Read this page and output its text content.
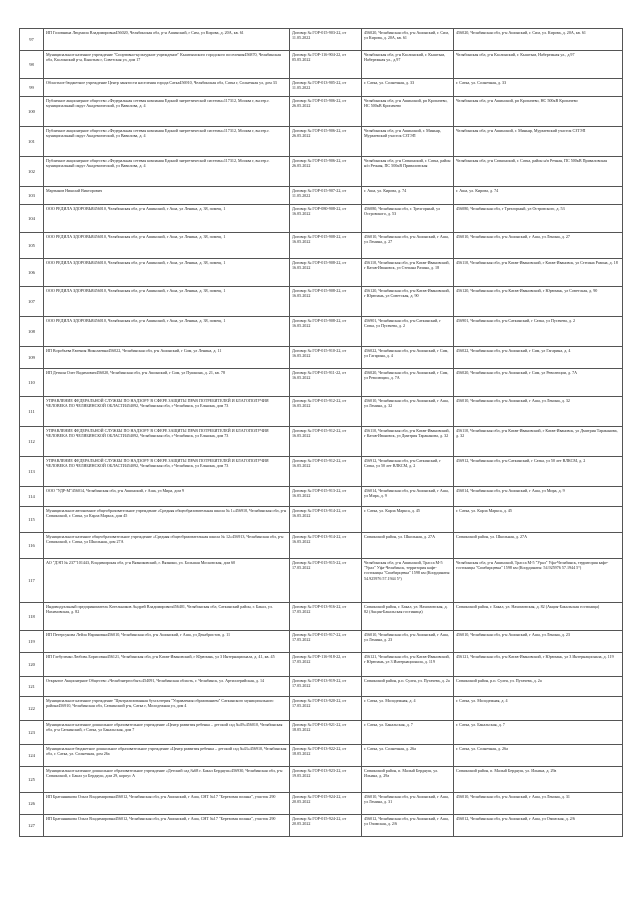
97	ИП Головнина Людмила Владимировна456020, Челябинская обл, р-н Ашинский, г Сим, ул Кирова, д. 20А, кв. 61	Договор № ГОР-015-903-22, от 11.05.2022	456020, Челябинская обл, р-н Ашинский, г. Сим, ул Кирова, д. 20А, кв. 61	456020, Челябинская обл, р-н Ашинский, г. Сим, ул. Кирова, д. 20А, кв. 61
98	Муниципальное казенное учреждение "Спортивно-культурное учреждение" Кыштымского городского поселения456870, Челябинская обл, Каслинский р-н, Кыштым г, Советская ул, дом 17	Договор № ГОР-116-904-22, от 05.05.2022	Челябинская обл, р-н Каслинский, г. Кыштым, Набережная ул., д.97	Челябинская обл, р-н Каслинский, г. Кыштым, Набережная ул., д.97
99	Областное бюджетное учреждение Центр занятости населения города Сатка456910, Челябинская обл, Сатка г, Солнечная ул, дом 33	Договор № ГОР-013-905-22, от 11.05.2022	г. Сатка, ул. Солнечная, д. 33	г. Сатка, ул. Солнечная, д. 33
100	Публичное акционерное общество «Федеральная сетевая компания Единой энергетической системы»117312, Москва г, вн.тер.г. муниципальный округ Академический, ул Вавилова, д. 4	Договор № ГОР-015-906-22, от 26.05.2022	Челябинская обл, р-н Ашинский, рп Кропачево, НС 500кВ Кропачево	Челябинская обл, р-н Ашинский, рп Кропачево, НС 500кВ Кропачево
101	Публичное акционерное общество «Федеральная сетевая компания Единой энергетической системы»117312, Москва г, вн.тер.г. муниципальный округ Академический, ул Вавилова, д. 4	Договор № ГОР-015-906-22, от 26.05.2022	Челябинская обл, р-н Ашинский, г. Миньяр, Мурзаевский участок СЗТЭП	Челябинская обл, р-н Ашинский, г. Миньяр, Мурзаевский участок СЗТЭП
102	Публичное акционерное общество «Федеральная сетевая компания Единой энергетической системы»117312, Москва г, вн.тер.г. муниципальный округ Академический, ул Вавилова, д. 4	Договор № ГОР-015-906-22, от 26.05.2022	Челябинская обл, р-н Саткинский, г. Сатка, район н/п Речная, ПС 500кВ Приваловская	Челябинская обл, р-н Саткинский, г. Сатка, район н/п Речная, ПС 500кВ Приваловская
103	Мартынов Николай Викторович	Договор № ГОР-015-907-22, от 11.05.2022	г. Аша, ул. Кирова, д. 74	г. Аша, ул. Кирова, д. 74
104	ООО РЕДИЛА ЗДОРОВЬЯ456010, Челябинская обл, р-н Ашинский, г Аша, ул Ленина, д. 38, помещ. 1	Договор № ГОР-080-908-22, от 16.05.2022	456080, Челябинская обл, г. Трехгорный, ул Островского, д. 53	456080, Челябинская обл, г Трехгорный, ул Островского, д. 53
105	ООО РЕДИЛА ЗДОРОВЬЯ456010, Челябинская обл, р-н Ашинский, г Аша, ул Ленина, д. 38, помещ. 1	Договор № ГОР-015-908-22, от 16.05.2022	456010, Челябинская обл, р-н Ашинский, г Аша, ул Ленина, д. 27	456010, Челябинская обл, р-н Ашинский, г Аша, ул Ленина, д. 27
106	ООО РЕДИЛА ЗДОРОВЬЯ456010, Челябинская обл, р-н Ашинский, г Аша, ул Ленина, д. 38, помещ. 1	Договор № ГОР-015-908-22, от 16.05.2022	456110, Челябинская обл, р-н Катав-Ивановский, г Катав-Ивановск, ул Степана Разина, д. 18	456110, Челябинская обл, р-н Катав-Ивановский, г Катав-Ивановск, ул Степана Разина, д. 18
107	ООО РЕДИЛА ЗДОРОВЬЯ456010, Челябинская обл, р-н Ашинский, г Аша, ул Ленина, д. 38, помещ. 1	Договор № ГОР-015-908-22, от 16.05.2022	456120, Челябинская обл, р-н Катав-Ивановский, г Юрюзань, ул Советская, д. 90	456120, Челябинская обл, р-н Катав-Ивановский, г Юрюзань, ул Советская, д. 90
108	ООО РЕДИЛА ЗДОРОВЬЯ456010, Челябинская обл, р-н Ашинский, г Аша, ул Ленина, д. 38, помещ. 1	Договор № ГОР-015-908-22, от 16.05.2022	456901, Челябинская обл, р-н Саткинский, г Сатка, ул Пугачева, д. 2	456901, Челябинская обл, р-н Саткинский, г Сатка, ул Пугачева, д. 2
109	ИП Воробьева Евгения Николаевна456022, Челябинская обл, р-н Ашинский, г Сим, ул Ленина, д. 11	Договор № ГОР-015-910-22, от 16.05.2022	456022, Челябинская обл, р-н Ашинский, г Сим, ул Гагарина, д. 4	456022, Челябинская обл, р-н Ашинский, г Сим, ул Гагарина, д. 4
110	ИП Деткин Олег Вадимович456020, Челябинская обл, р-н Ашинский, г Сим, ул Пушкина, д. 21, кв. 78	Договор № ГОР-015-911-22, от 16.05.2022	456020, Челябинская обл, р-н Ашинский, г Сим, ул Революции, д. 7А	456020, Челябинская обл, р-н Ашинский, г Сим, ул Революции, д. 7А
111	УПРАВЛЕНИЕ ФЕДЕРАЛЬНОЙ СЛУЖБЫ ПО НАДЗОРУ В СФЕРЕ ЗАЩИТЫ ПРАВ ПОТРЕБИТЕЛЕЙ И БЛАГОПОЛУЧИЯ ЧЕЛОВЕКА ПО ЧЕЛЯБИНСКОЙ ОБЛАСТИ454092, Челябинская обл, г Челябинск, ул Елькина, дом 73	Договор № ГОР-015-912-22, от 16.05.2022	456010, Челябинская обл, р-н Ашинский, г Аша, ул Ленина, д. 32	456010, Челябинская обл, р-н Ашинский, г Аша, ул Ленина, д. 32
112	УПРАВЛЕНИЕ ФЕДЕРАЛЬНОЙ СЛУЖБЫ ПО НАДЗОРУ В СФЕРЕ ЗАЩИТЫ ПРАВ ПОТРЕБИТЕЛЕЙ И БЛАГОПОЛУЧИЯ ЧЕЛОВЕКА ПО ЧЕЛЯБИНСКОЙ ОБЛАСТИ454092, Челябинская обл, г Челябинск, ул Елькина, дом 73	Договор № ГОР-015-912-22, от 16.05.2022	456110, Челябинская обл, р-н Катав-Ивановский, г Катав-Ивановск, ул Дмитрия Тараканова, д. 32	456110, Челябинская обл, р-н Катав-Ивановский, г Катав-Ивановск, ул Дмитрия Тараканова, д. 32
113	УПРАВЛЕНИЕ ФЕДЕРАЛЬНОЙ СЛУЖБЫ ПО НАДЗОРУ В СФЕРЕ ЗАЩИТЫ ПРАВ ПОТРЕБИТЕЛЕЙ И БЛАГОПОЛУЧИЯ ЧЕЛОВЕКА ПО ЧЕЛЯБИНСКОЙ ОБЛАСТИ454092, Челябинская обл, г Челябинск, ул Елькина, дом 73	Договор № ГОР-015-912-22, от 16.05.2022	456912, Челябинская обл, р-н Саткинский, г Сатка, ул 50 лет ВЛКСМ, д. 2	456912, Челябинская обл, р-н Саткинский, г Сатка, ул 50 лет ВЛКСМ, д. 2
114	ООО "УДР-М"456014, Челябинская обл, р-н Ашинский, г Аша, ул Мира, дом 9	Договор № ГОР-015-913-22, от 16.05.2022	456014, Челябинская обл, р-н Ашинский, г Аша, ул Мира, д. 9	456014, Челябинская обл, р-н Ашинский, г Аша, ул Мира, д. 9
115	Муниципальное автономное общеобразовательное учреждение «Средняя общеобразовательная школа № 1»456910, Челябинская обл, р-н Саткинский, г. Сатка, ул Карла Маркса, дом 45	Договор № ГОР-013-914-22, от 16.05.2022	г. Сатка, ул. Карла Маркса, д. 45	г. Сатка, ул. Карла Маркса, д. 45
116	Муниципальное казенное общеобразовательное учреждение «Средняя общеобразовательная школа № 12»456913, Челябинская обл, р-н Саткинский, г. Сатка, ул Школьная, дом 27А	Договор № ГОР-013-914-22, от 16.05.2022	Саткинский район, ул. Школьная, д. 27А	Саткинский район, ул. Школьная, д. 27А
117	АО "ДЭП № 237"101443, Владимирская обл, р-н Вязниковский, г. Вязники, ул. Большая Московская, дом 60	Договор № ГОР-015-915-22, от 17.05.2022	Челябинская обл, р-н Ашинский, Трасса М-5 "Урал" Уфа-Челябинск, территория кафе-гостиницы "Симбирцевка" 1598 км (Координаты: 54.925976 57.1944 5°)	Челябинская обл, р-н Ашинский, Трасса М-5 "Урал" Уфа-Челябинск, территория кафе-гостиницы "Симбирцевка" 1598 км (Координаты: 54.925976 57.1944 5°)
118	Индивидуальный предприниматель Котельников Андрей Владимирович456401, Челябинская обл, Саткинский район, г. Бакал, ул. Нахимовская, д. 82	Договор № ГОР-013-916-22, от 17.05.2022	Саткинский район, г. Бакал, ул. Нахимовская, д. 82 (Акция-Бакальская гостиница)	Саткинский район, г. Бакал, ул. Нахимовская, д. 82 (Акция-Бакальская гостиница)
119	ИП Петерсунова Лейла Нариновна456010, Челябинская обл, р-н Ашинский, г Аша, ул Декабристов, д. 11	Договор № ГОР-015-917-22, от 17.05.2022	456010, Челябинская обл, р-н Ашинский, г Аша, ул Ленина, д. 23	456010, Челябинская обл, р-н Ашинский, г Аша, ул Ленина, д. 23
120	ИП Глебуленко Любовь Борисовна456121, Челябинская обл, р-н Катав-Ивановский, г Юрюзань, ул 3 Интернационала, д. 41, кв. 45	Договор № ГОР-116-918-22, от 17.05.2022	456121, Челябинская обл, р-н Катав-Ивановский, г Юрюзань, ул 3 Интернационала, д. 119	456121, Челябинская обл, р-н Катав-Ивановский, г Юрюзань, ул 3 Интернационала, д. 119
121	Открытое Акционерное Общество «Челябэнергосбыт»454091, Челябинская область, г. Челябинск, ул. Артиллерийская, д. 14	Договор № ГОР-013-919-22, от 17.05.2022	Саткинский район, р.п. Сулея, ул. Пугачева, д. 2а	Саткинский район, р.п. Сулея, ул. Пугачева, д. 2а
122	Муниципальное казенное учреждение "Централизованная бухгалтерия "Управления образованием" Саткинского муниципального района456910, Челябинская обл, Саткинский р-н, Сатка г, Молодежная ул, дом 4	Договор № ГОР-013-920-22, от 17.05.2022	г. Сатка, ул. Молодежная, д. 4	г. Сатка, ул. Молодежная, д. 4
123	Муниципальное казенное дошкольное образовательное учреждение «Центр развития ребенка – детский сад №49»456010, Челябинская обл, р-н Саткинский, г Сатка, ул Бакальская, дом 7	Договор № ГОР-013-921-22, от 18.05.2022	г. Сатка, ул. Бакальская, д. 7	г. Сатка, ул. Бакальская, д. 7
124	Муниципальное бюджетное дошкольное образовательное учреждение «Центр развития ребенка – детский сад №43»456910, Челябинская обл, г. Сатка, ул. Солнечная, дом 26а	Договор № ГОР-013-922-22, от 18.05.2022	г. Сатка, ул. Солнечная, д. 26а	г. Сатка, ул. Солнечная, д. 26а
125	Муниципальное казенное дошкольное образовательное учреждение «Детский сад №68 г. Бакал Бердяуш»456930, Челябинская обл, р-н Саткинский, г. Бакал ул Бердяуш, дом 29, корпус А	Договор № ГОР-013-923-22, от 19.05.2022	Саткинский район, п. Малый Бердяуш, ул. Ильина, д. 29а	Саткинский район, п. Малый Бердяуш, ул. Ильина, д. 29а
126	ИП Братанникова Ольга Владимировна456012, Челябинская обл, р-н Ашинский, г Аша, СНТ №17 "Березовая поляна", участок 290	Договор № ГОР-015-924-22, от 20.05.2022	456010, Челябинская обл, р-н Ашинский, г Аша, ул Ленина, д. 31	456010, Челябинская обл, р-н Ашинский, г Аша, ул Ленина, д. 31
127	ИП Братанникова Ольга Владимировна456012, Челябинская обл, р-н Ашинский, г Аша, СНТ №17 "Березовая поляна", участок 290	Договор № ГОР-015-924-22, от 20.05.2022	456012, Челябинская обл, р-н Ашинский, г Аша, ул Озимская, д. 2/6	456012, Челябинская обл, р-н Ашинский, г Аша, ул Озимская, д. 2/6
